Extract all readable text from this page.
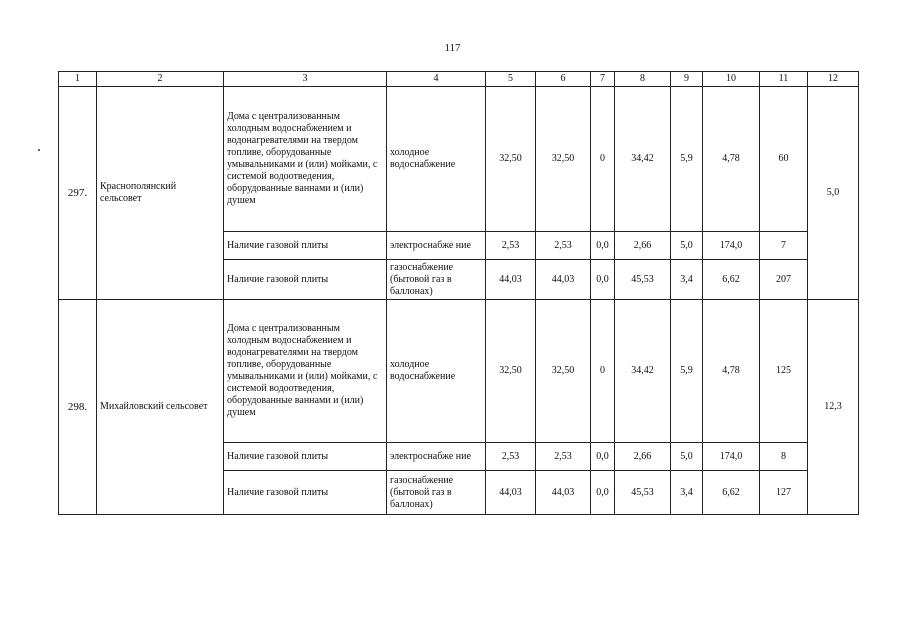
117
1	2	3	4	5	6	7	8	9	10	11	12
297.	Краснополянский сельсовет	Дома с централизованным холодным водоснабжением и водонагревателями на твердом топливе, оборудованные умывальниками и (или) мойками, с системой водоотведения, оборудованные ваннами и (или) душем	холодное водоснабжение	32,50	32,50	0	34,42	5,9	4,78	60	5,0
		Наличие газовой плиты	электроснабже ние	2,53	2,53	0,0	2,66	5,0	174,0	7	
		Наличие газовой плиты	газоснабжение (бытовой газ в баллонах)	44,03	44,03	0,0	45,53	3,4	6,62	207	
298.	Михайловский сельсовет	Дома с централизованным холодным водоснабжением и водонагревателями на твердом топливе, оборудованные умывальниками и (или) мойками, с системой водоотведения, оборудованные ваннами и (или) душем	холодное водоснабжение	32,50	32,50	0	34,42	5,9	4,78	125	12,3
		Наличие газовой плиты	электроснабже ние	2,53	2,53	0,0	2,66	5,0	174,0	8	
		Наличие газовой плиты	газоснабжение (бытовой газ в баллонах)	44,03	44,03	0,0	45,53	3,4	6,62	127	
